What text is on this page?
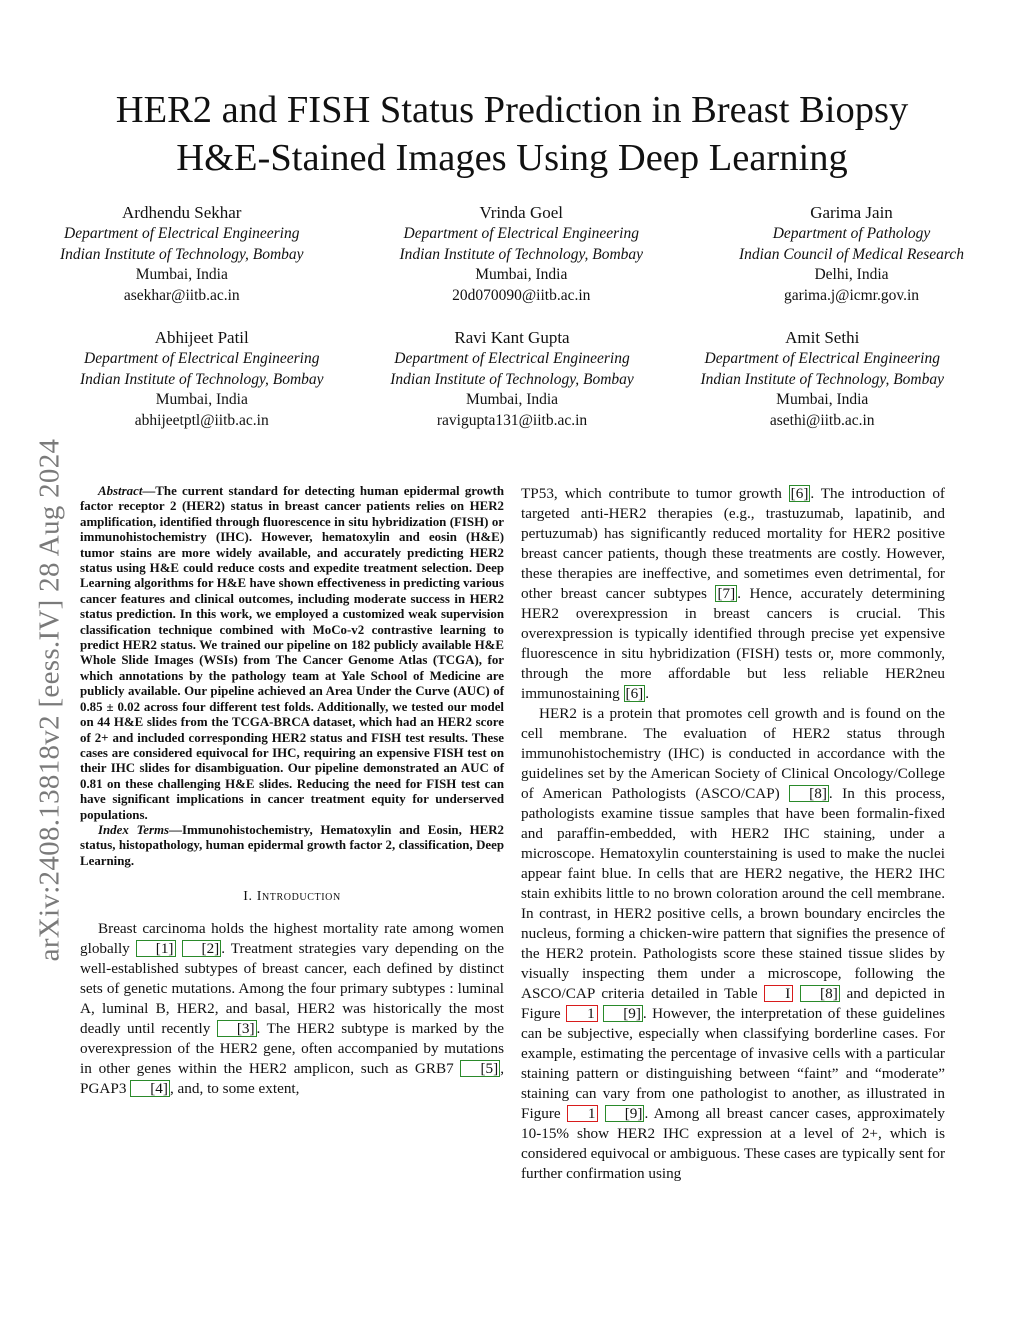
arXiv:2408.13818v2 [eess.IV] 28 Aug 2024
HER2 and FISH Status Prediction in Breast Biopsy
H&E-Stained Images Using Deep Learning
Ardhendu Sekhar
Department of Electrical Engineering
Indian Institute of Technology, Bombay
Mumbai, India
asekhar@iitb.ac.in
Vrinda Goel
Department of Electrical Engineering
Indian Institute of Technology, Bombay
Mumbai, India
20d070090@iitb.ac.in
Garima Jain
Department of Pathology
Indian Council of Medical Research
Delhi, India
garima.j@icmr.gov.in
Abhijeet Patil
Department of Electrical Engineering
Indian Institute of Technology, Bombay
Mumbai, India
abhijeetptl@iitb.ac.in
Ravi Kant Gupta
Department of Electrical Engineering
Indian Institute of Technology, Bombay
Mumbai, India
ravigupta131@iitb.ac.in
Amit Sethi
Department of Electrical Engineering
Indian Institute of Technology, Bombay
Mumbai, India
asethi@iitb.ac.in

Abstract—The current standard for detecting human epidermal growth factor receptor 2 (HER2) status in breast cancer patients relies on HER2 amplification, identified through fluorescence in situ hybridization (FISH) or immunohistochemistry (IHC). However, hematoxylin and eosin (H&E) tumor stains are more widely available, and accurately predicting HER2 status using H&E could reduce costs and expedite treatment selection. Deep Learning algorithms for H&E have shown effectiveness in predicting various cancer features and clinical outcomes, including moderate success in HER2 status prediction. In this work, we employed a customized weak supervision classification technique combined with MoCo-v2 contrastive learning to predict HER2 status. We trained our pipeline on 182 publicly available H&E Whole Slide Images (WSIs) from The Cancer Genome Atlas (TCGA), for which annotations by the pathology team at Yale School of Medicine are publicly available. Our pipeline achieved an Area Under the Curve (AUC) of 0.85 ± 0.02 across four different test folds. Additionally, we tested our model on 44 H&E slides from the TCGA-BRCA dataset, which had an HER2 score of 2+ and included corresponding HER2 status and FISH test results. These cases are considered equivocal for IHC, requiring an expensive FISH test on their IHC slides for disambiguation. Our pipeline demonstrated an AUC of 0.81 on these challenging H&E slides. Reducing the need for FISH test can have significant implications in cancer treatment equity for underserved populations.

Index Terms—Immunohistochemistry, Hematoxylin and Eosin, HER2 status, histopathology, human epidermal growth factor 2, classification, Deep Learning.

I. Introduction

Breast carcinoma holds the highest mortality rate among women globally [1] [2] . Treatment strategies vary depending on the well-established subtypes of breast cancer, each defined by distinct sets of genetic mutations. Among the four primary subtypes : luminal A, luminal B, HER2, and basal, HER2 was historically the most deadly until recently [3] . The HER2 subtype is marked by the overexpression of the HER2 gene, often accompanied by mutations in other genes within the HER2 amplicon, such as GRB7 [5] , PGAP3 [4] , and, to some extent,

TP53, which contribute to tumor growth [6] . The introduction of targeted anti-HER2 therapies (e.g., trastuzumab, lapatinib, and pertuzumab) has significantly reduced mortality for HER2 positive breast cancer patients, though these treatments are costly. However, these therapies are ineffective, and sometimes even detrimental, for other breast cancer subtypes [7] . Hence, accurately determining HER2 overexpression in breast cancers is crucial. This overexpression is typically identified through precise yet expensive fluorescence in situ hybridization (FISH) tests or, more commonly, through the more affordable but less reliable HER2neu immunostaining [6] .

HER2 is a protein that promotes cell growth and is found on the cell membrane. The evaluation of HER2 status through immunohistochemistry (IHC) is conducted in accordance with the guidelines set by the American Society of Clinical Oncology/College of American Pathologists (ASCO/CAP) [8] . In this process, pathologists examine tissue samples that have been formalin-fixed and paraffin-embedded, with HER2 IHC staining, under a microscope. Hematoxylin counterstaining is used to make the nuclei appear faint blue. In cells that are HER2 negative, the HER2 IHC stain exhibits little to no brown coloration around the cell membrane. In contrast, in HER2 positive cells, a brown boundary encircles the nucleus, forming a chicken-wire pattern that signifies the presence of the HER2 protein. Pathologists score these stained tissue slides by visually inspecting them under a microscope, following the ASCO/CAP criteria detailed in Table I [8] and depicted in Figure 1 [9] . However, the interpretation of these guidelines can be subjective, especially when classifying borderline cases. For example, estimating the percentage of invasive cells with a particular staining pattern or distinguishing between “faint” and “moderate” staining can vary from one pathologist to another, as illustrated in Figure 1 [9] . Among all breast cancer cases, approximately 10-15% show HER2 IHC expression at a level of 2+, which is considered equivocal or ambiguous. These cases are typically sent for further confirmation using
